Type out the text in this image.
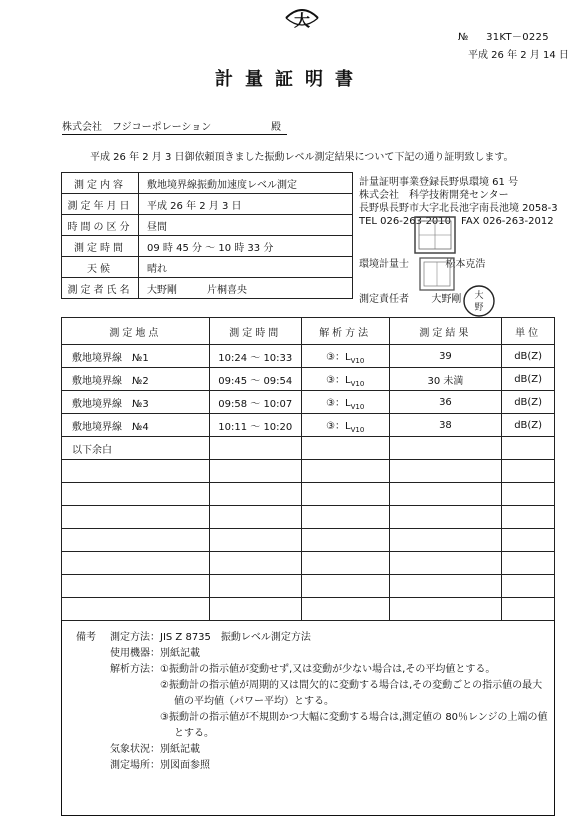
大
№ 31KT－0225
平成 26 年 2 月 14 日
計量証明書
株式会社　フジコーポレーション	殿
平成 26 年 2 月 3 日御依頼頂きました振動レベル測定結果について下記の通り証明致します。
測定内容	敷地境界線振動加速度レベル測定
測定年月日	平成 26 年 2 月 3 日
時間の区分	昼間
測定時間	09 時 45 分 ～ 10 時 33 分
天候	晴れ
測定者氏名	大野剛　　　片桐喜央
計量証明事業登録長野県環境 61 号
株式会社　科学技術開発センター
長野県長野市大字北長池字南長池境 2058-3
TEL 026-263-2010　FAX 026-263-2012
環境計量士	松本克浩
測定責任者 大野剛 大
野
測定地点	測定時間	解析方法	測定結果	単位
敷地境界線　№1	10:24 ～ 10:33	③：$L_{V10}$	39	dB(Z)
敷地境界線　№2	09:45 ～ 09:54	③：$L_{V10}$	30 未満	dB(Z)
敷地境界線　№3	09:58 ～ 10:07	③：$L_{V10}$	36	dB(Z)
敷地境界線　№4	10:11 ～ 10:20	③：$L_{V10}$	38	dB(Z)
以下余白				

備考 測定方法： JIS Z 8735　振動レベル測定方法
使用機器： 別紙記載
解析方法： ①振動計の指示値が変動せず,又は変動が少ない場合は,その平均値とする。
②振動計の指示値が周期的又は間欠的に変動する場合は,その変動ごとの指示値の最大
値の平均値（パワー平均）とする。
③振動計の指示値が不規則かつ大幅に変動する場合は,測定値の 80％レンジの上端の値
とする。
気象状況： 別紙記載
測定場所： 別図面参照
